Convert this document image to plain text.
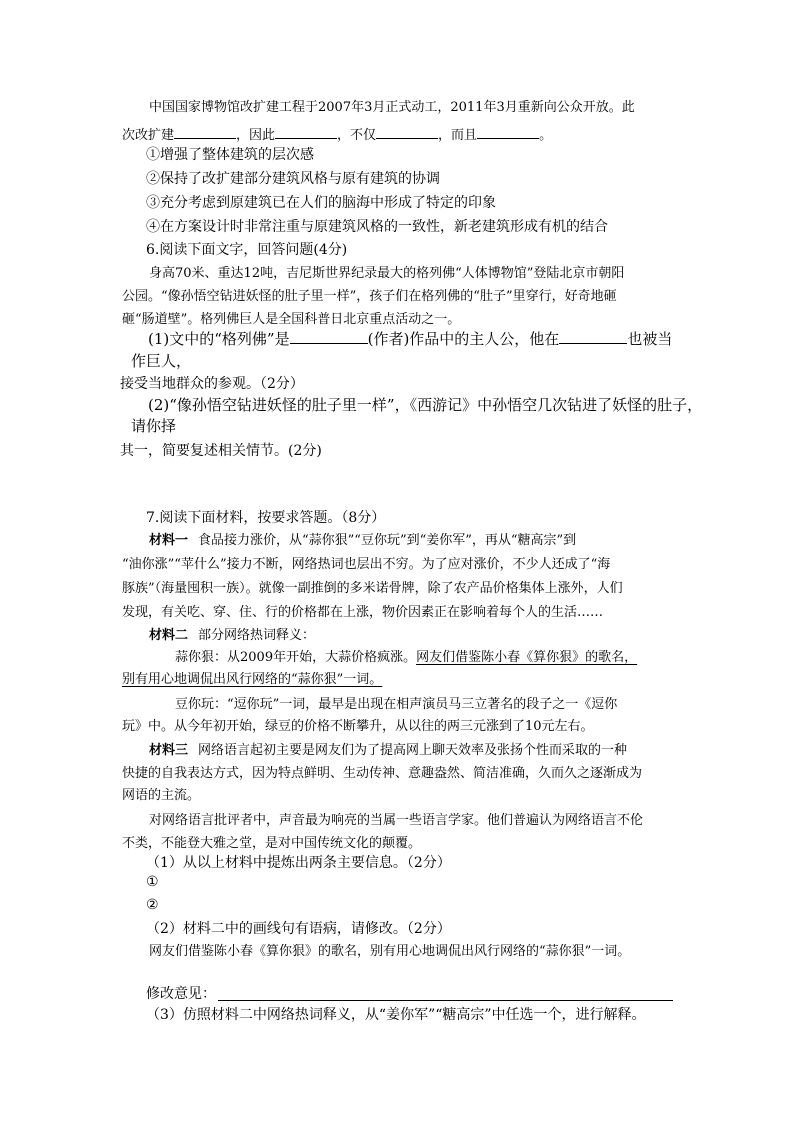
中国国家博物馆改扩建工程于2007年3月正式动工，2011年3月重新向公众开放。此
次改扩建	，因此	，不仅	，而且	。
①增强了整体建筑的层次感
②保持了改扩建部分建筑风格与原有建筑的协调
③充分考虑到原建筑已在人们的脑海中形成了特定的印象
④在方案设计时非常注重与原建筑风格的一致性，新老建筑形成有机的结合
6.阅读下面文字，回答问题(4分)
身高70米、重达12吨，吉尼斯世界纪录最大的格列佛“人体博物馆”登陆北京市朝阳
公园。“像孙悟空钻进妖怪的肚子里一样”，孩子们在格列佛的“肚子”里穿行，好奇地砸
砸“肠道壁”。格列佛巨人是全国科普日北京重点活动之一。
(1)文中的“格列佛”是	(作者)作品中的主人公，他在	也被当
作巨人，
接受当地群众的参观。（2分）
(2)“像孙悟空钻进妖怪的肚子里一样”，《西游记》中孙悟空几次钻进了妖怪的肚子，
请你择
其一，简要复述相关情节。(2分)
7.阅读下面材料，按要求答题。（8分）
材料一 食品接力涨价，从“蒜你狠”“豆你玩”到“姜你军”，再从“糖高宗”到
“油你涨”“苹什么”接力不断，网络热词也层出不穷。为了应对涨价，不少人还成了“海
豚族”（海量囤积一族）。就像一副推倒的多米诺骨牌，除了农产品价格集体上涨外，人们
发现，有关吃、穿、住、行的价格都在上涨，物价因素正在影响着每个人的生活……
材料二 部分网络热词释义：
蒜你狠：从2009年开始，大蒜价格疯涨。网友们借鉴陈小春《算你狠》的歌名，
别有用心地调侃出风行网络的“蒜你狠”一词。
豆你玩：“逗你玩”一词，最早是出现在相声演员马三立著名的段子之一《逗你
玩》中。从今年初开始，绿豆的价格不断攀升，从以往的两三元涨到了10元左右。
材料三 网络语言起初主要是网友们为了提高网上聊天效率及张扬个性而采取的一种
快捷的自我表达方式，因为特点鲜明、生动传神、意趣盎然、简洁准确，久而久之逐渐成为
网语的主流。
对网络语言批评者中，声音最为响亮的当属一些语言学家。他们普遍认为网络语言不伦
不类，不能登大雅之堂，是对中国传统文化的颠覆。
（1）从以上材料中提炼出两条主要信息。（2分）
①
②
（2）材料二中的画线句有语病，请修改。（2分）
网友们借鉴陈小春《算你狠》的歌名，别有用心地调侃出风行网络的“蒜你狠”一词。
修改意见：
（3）仿照材料二中网络热词释义，从“姜你军”“糖高宗”中任选一个，进行解释。
